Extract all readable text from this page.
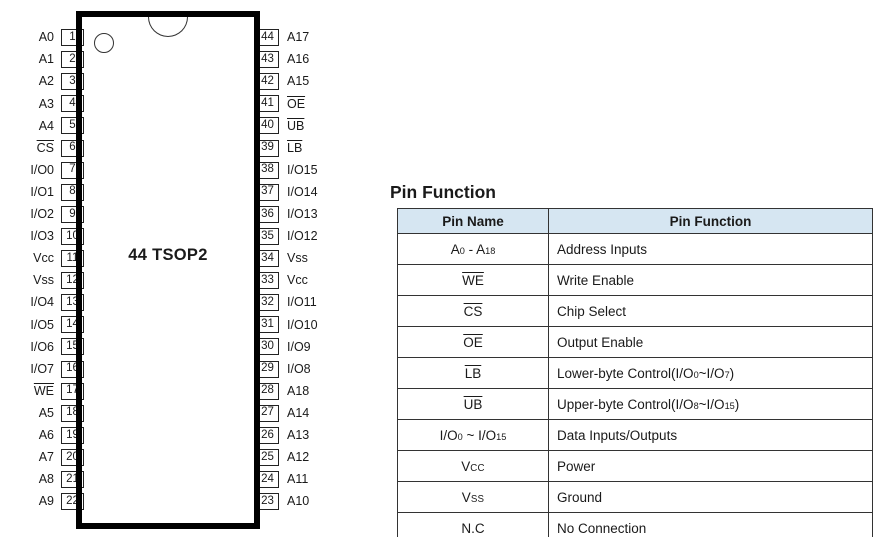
A0	1
A1	2
A2	3
A3	4
A4	5
$\overline{CS}$	6
I/O0	7
I/O1	8
I/O2	9
I/O3	10
Vcc	11
Vss	12
I/O4	13
I/O5	14
I/O6	15
I/O7	16
$\overline{WE}$	17
A5	18
A6	19
A7	20
A8	21
A9	22
44	A17
43	A16
42	A15
41	$\overline{OE}$
40	$\overline{UB}$
39	$\overline{LB}$
38	I/O15
37	I/O14
36	I/O13
35	I/O12
34	Vss
33	Vcc
32	I/O11
31	I/O10
30	I/O9
29	I/O8
28	A18
27	A14
26	A13
25	A12
24	A11
23	A10
44 TSOP2
Pin Function
Pin Name	Pin Function
A0 - A18	Address Inputs
$\overline{WE}$	Write Enable
$\overline{CS}$	Chip Select
$\overline{OE}$	Output Enable
$\overline{LB}$	Lower-byte Control(I/O0~I/O7)
$\overline{UB}$	Upper-byte Control(I/O8~I/O15)
I/O0 ~ I/O15	Data Inputs/Outputs
VCC	Power
VSS	Ground
N.C	No Connection
